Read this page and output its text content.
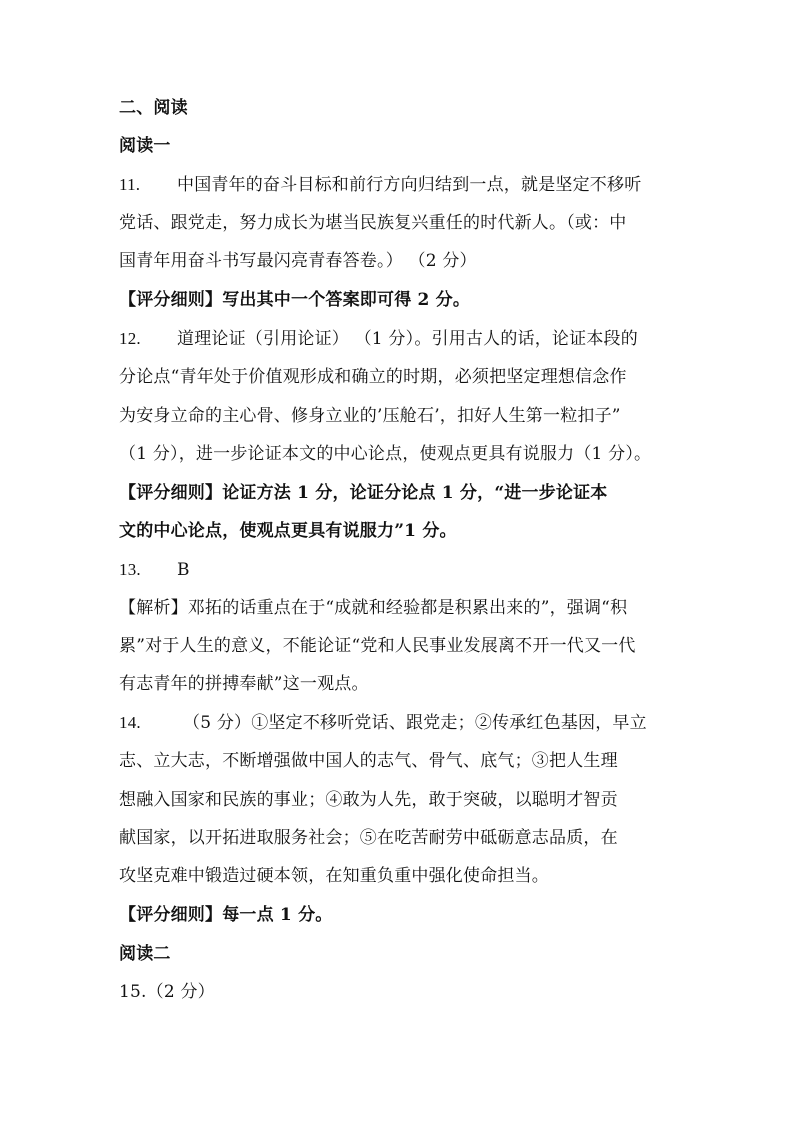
二、阅读
阅读一
11. 中国青年的奋斗目标和前行方向归结到一点，就是坚定不移听
党话、跟党走，努力成长为堪当民族复兴重任的时代新人。（或：中
国青年用奋斗书写最闪亮青春答卷。） （2 分）
【评分细则】写出其中一个答案即可得 2 分。
12. 道理论证（引用论证） （1 分）。引用古人的话，论证本段的
分论点“青年处于价值观形成和确立的时期，必须把坚定理想信念作
为安身立命的主心骨、修身立业的’压舱石’，扣好人生第一粒扣子”
（1 分），进一步论证本文的中心论点，使观点更具有说服力（1 分）。
【评分细则】论证方法 1 分，论证分论点 1 分，“进一步论证本
文的中心论点，使观点更具有说服力”1 分。
13. B
【解析】邓拓的话重点在于“成就和经验都是积累出来的”，强调“积
累”对于人生的意义，不能论证“党和人民事业发展离不开一代又一代
有志青年的拼搏奉献”这一观点。
14. （5 分）①坚定不移听党话、跟党走；②传承红色基因，早立
志、立大志，不断增强做中国人的志气、骨气、底气；③把人生理
想融入国家和民族的事业；④敢为人先，敢于突破，以聪明才智贡
献国家，以开拓进取服务社会；⑤在吃苦耐劳中砥砺意志品质，在
攻坚克难中锻造过硬本领，在知重负重中强化使命担当。
【评分细则】每一点 1 分。
阅读二
15.（2 分）
